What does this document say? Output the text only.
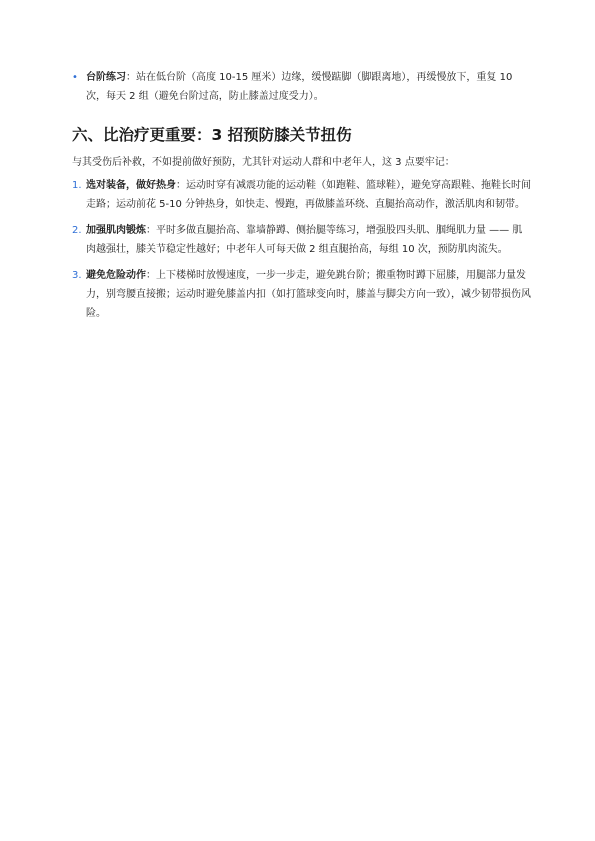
• 台阶练习：站在低台阶（高度 10-15 厘米）边缘，缓慢踮脚（脚跟离地），再缓慢放下，重复 10 次，每天 2 组（避免台阶过高，防止膝盖过度受力）。
六、比治疗更重要：3 招预防膝关节扭伤
与其受伤后补救，不如提前做好预防，尤其针对运动人群和中老年人，这 3 点要牢记：
1. 选对装备，做好热身：运动时穿有减震功能的运动鞋（如跑鞋、篮球鞋），避免穿高跟鞋、拖鞋长时间走路；运动前花 5-10 分钟热身，如快走、慢跑，再做膝盖环绕、直腿抬高动作，激活肌肉和韧带。
2. 加强肌肉锻炼：平时多做直腿抬高、靠墙静蹲、侧抬腿等练习，增强股四头肌、腘绳肌力量 —— 肌肉越强壮，膝关节稳定性越好；中老年人可每天做 2 组直腿抬高，每组 10 次，预防肌肉流失。
3. 避免危险动作：上下楼梯时放慢速度，一步一步走，避免跳台阶；搬重物时蹲下屈膝，用腿部力量发力，别弯腰直接搬；运动时避免膝盖内扣（如打篮球变向时，膝盖与脚尖方向一致），减少韧带损伤风险。
